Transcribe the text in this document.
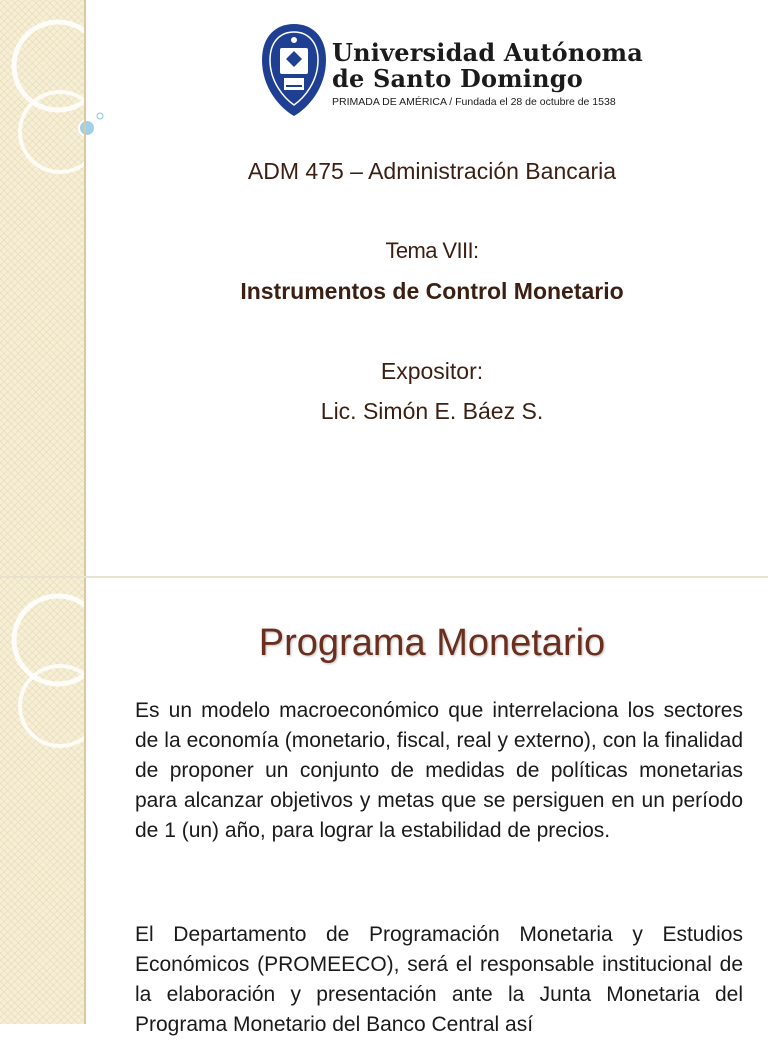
Universidad Autónoma
de Santo Domingo
PRIMADA DE AMÉRICA / Fundada el 28 de octubre de 1538
ADM 475 – Administración Bancaria
Tema VIII:
Instrumentos de Control Monetario
Expositor:
Lic. Simón E. Báez S.
Programa Monetario
Es un modelo macroeconómico que interrelaciona los sectores de la economía (monetario, fiscal, real y externo), con la finalidad de proponer un conjunto de medidas de políticas monetarias para alcanzar objetivos y metas que se persiguen en un período de 1 (un) año, para lograr la estabilidad de precios.
El Departamento de Programación Monetaria y Estudios Económicos (PROMEECO), será el responsable institucional de la elaboración y presentación ante la Junta Monetaria del Programa Monetario del Banco Central así
